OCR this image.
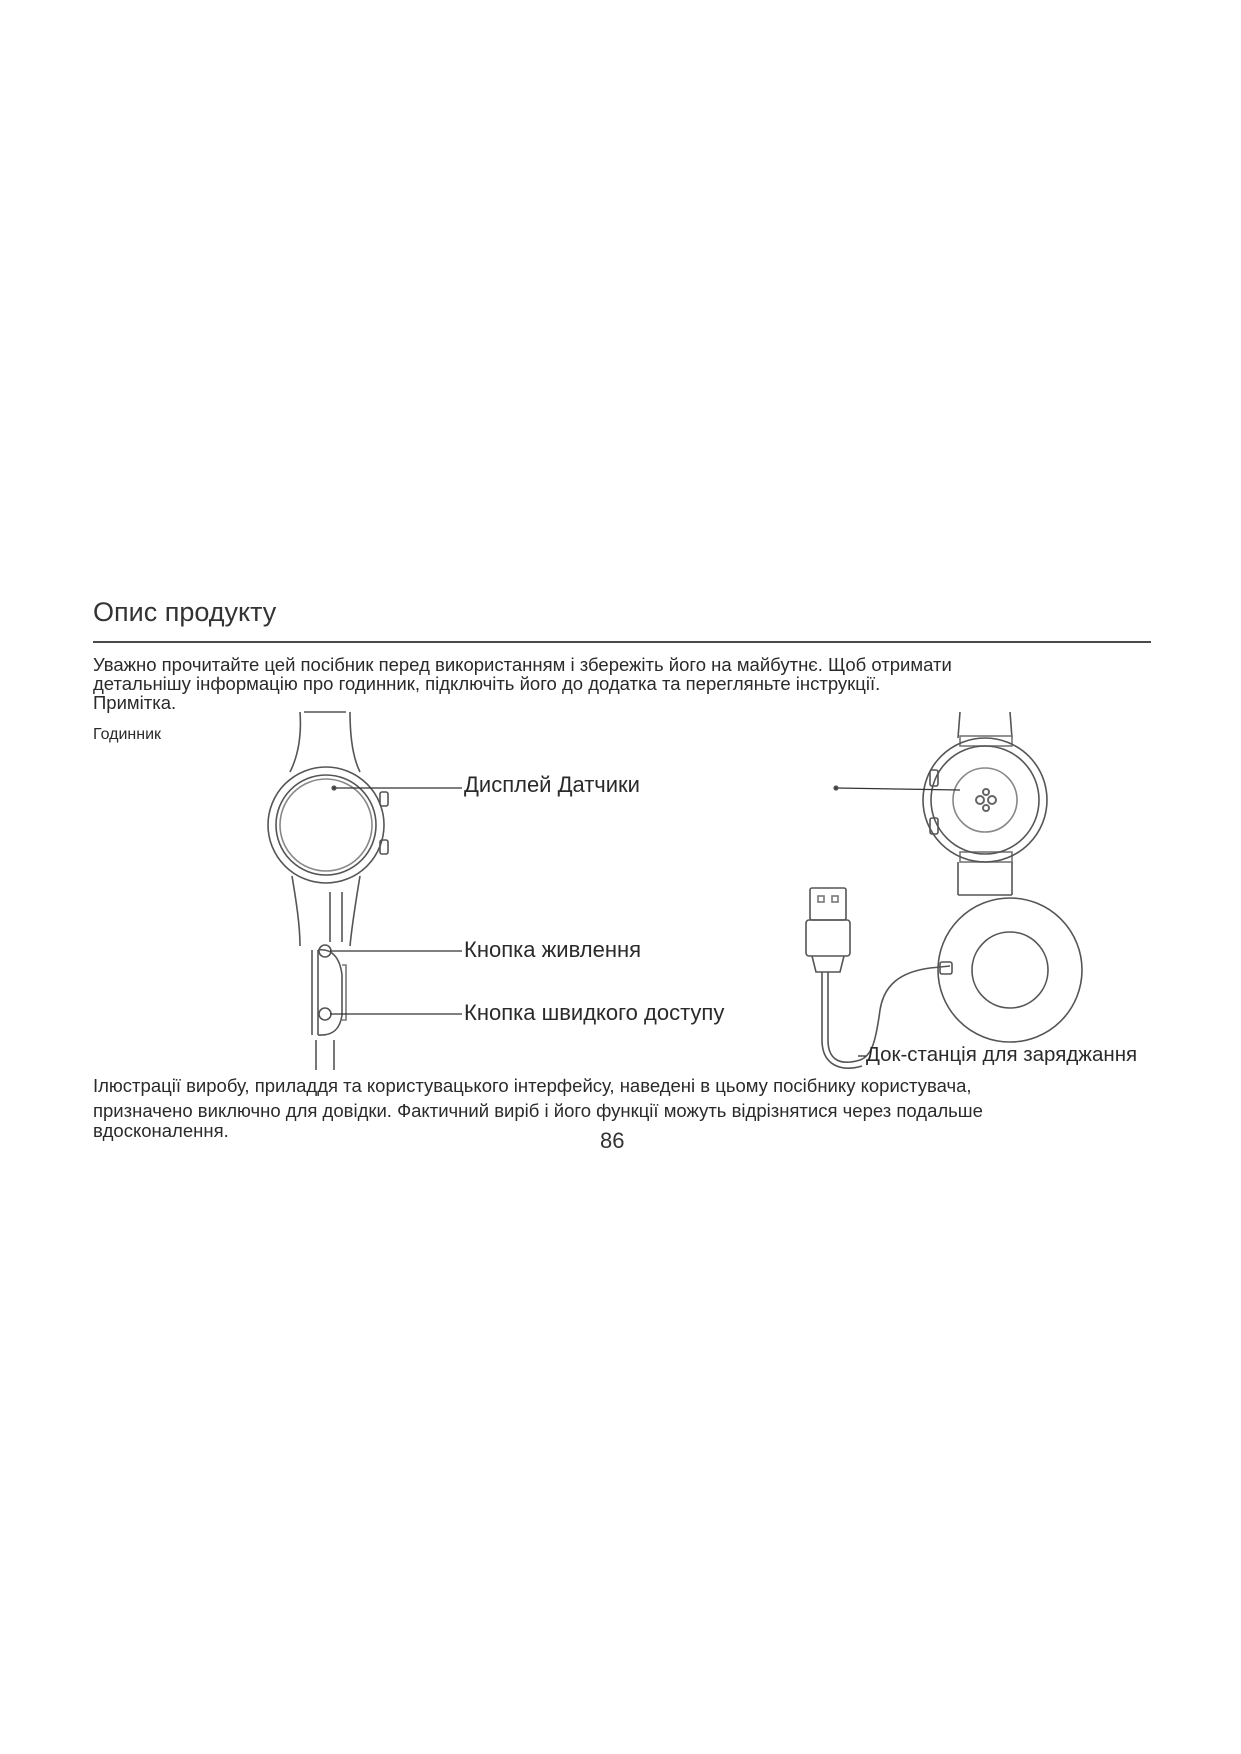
Опис продукту
Уважно прочитайте цей посібник перед використанням і збережіть його на майбутнє. Щоб отримати
детальнішу інформацію про годинник, підключіть його до додатка та перегляньте інструкції.
Примітка.
Годинник
Дисплей Датчики
Кнопка живлення
Кнопка швидкого доступу
Док-станція для заряджання
Ілюстрації виробу, приладдя та користувацького інтерфейсу, наведені в цьому посібнику користувача,
призначено виключно для довідки. Фактичний виріб і його функції можуть відрізнятися через подальше
вдосконалення.	86
